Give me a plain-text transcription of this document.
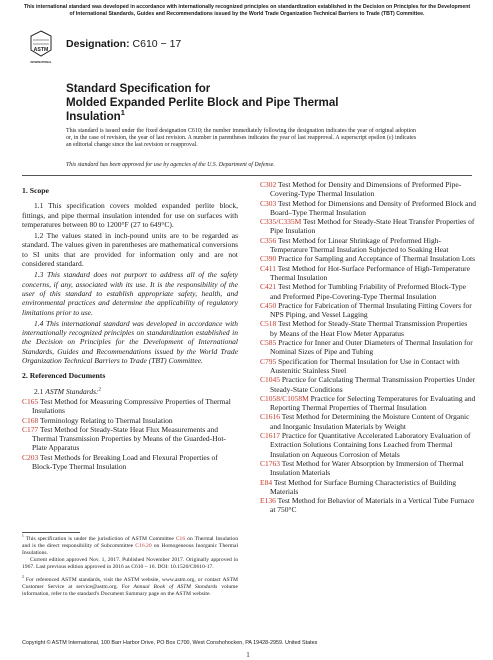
This international standard was developed in accordance with internationally recognized principles on standardization established in the Decision on Principles for the Development of International Standards, Guides and Recommendations issued by the World Trade Organization Technical Barriers to Trade (TBT) Committee.
ASTM
INTERNATIONAL
Designation: C610 − 17
Standard Specification for
Molded Expanded Perlite Block and Pipe Thermal Insulation$^1$
This standard is issued under the fixed designation C610; the number immediately following the designation indicates the year of original adoption or, in the case of revision, the year of last revision. A number in parentheses indicates the year of last reapproval. A superscript epsilon (ε) indicates an editorial change since the last revision or reapproval.
This standard has been approved for use by agencies of the U.S. Department of Defense.
1. Scope

1.1 This specification covers molded expanded perlite block, fittings, and pipe thermal insulation intended for use on surfaces with temperatures between 80 to 1200°F (27 to 649°C).

1.2 The values stated in inch-pound units are to be regarded as standard. The values given in parentheses are mathematical conversions to SI units that are provided for information only and are not considered standard.

1.3 This standard does not purport to address all of the safety concerns, if any, associated with its use. It is the responsibility of the user of this standard to establish appropriate safety, health, and environmental practices and determine the applicability of regulatory limitations prior to use.

1.4 This international standard was developed in accordance with internationally recognized principles on standardization established in the Decision on Principles for the Development of International Standards, Guides and Recommendations issued by the World Trade Organization Technical Barriers to Trade (TBT) Committee.

2. Referenced Documents
2.1 ASTM Standards:$^2$

C165 Test Method for Measuring Compressive Properties of Thermal Insulations

C168 Terminology Relating to Thermal Insulation

C177 Test Method for Steady-State Heat Flux Measurements and Thermal Transmission Properties by Means of the Guarded-Hot-Plate Apparatus

C203 Test Methods for Breaking Load and Flexural Properties of Block-Type Thermal Insulation

C302 Test Method for Density and Dimensions of Preformed Pipe-Covering-Type Thermal Insulation

C303 Test Method for Dimensions and Density of Preformed Block and Board–Type Thermal Insulation

C335/C335M Test Method for Steady-State Heat Transfer Properties of Pipe Insulation

C356 Test Method for Linear Shrinkage of Preformed High-Temperature Thermal Insulation Subjected to Soaking Heat

C390 Practice for Sampling and Acceptance of Thermal Insulation Lots

C411 Test Method for Hot-Surface Performance of High-Temperature Thermal Insulation

C421 Test Method for Tumbling Friability of Preformed Block-Type and Preformed Pipe-Covering-Type Thermal Insulation

C450 Practice for Fabrication of Thermal Insulating Fitting Covers for NPS Piping, and Vessel Lagging

C518 Test Method for Steady-State Thermal Transmission Properties by Means of the Heat Flow Meter Apparatus

C585 Practice for Inner and Outer Diameters of Thermal Insulation for Nominal Sizes of Pipe and Tubing

C795 Specification for Thermal Insulation for Use in Contact with Austenitic Stainless Steel

C1045 Practice for Calculating Thermal Transmission Properties Under Steady-State Conditions

C1058/C1058M Practice for Selecting Temperatures for Evaluating and Reporting Thermal Properties of Thermal Insulation

C1616 Test Method for Determining the Moisture Content of Organic and Inorganic Insulation Materials by Weight

C1617 Practice for Quantitative Accelerated Laboratory Evaluation of Extraction Solutions Containing Ions Leached from Thermal Insulation on Aqueous Corrosion of Metals

C1763 Test Method for Water Absorption by Immersion of Thermal Insulation Materials

E84 Test Method for Surface Burning Characteristics of Building Materials

E136 Test Method for Behavior of Materials in a Vertical Tube Furnace at 750°C

$^1$ This specification is under the jurisdiction of ASTM Committee C16 on Thermal Insulation and is the direct responsibility of Subcommittee C16.20 on Homogeneous Inorganic Thermal Insulations.
Current edition approved Nov. 1, 2017. Published November 2017. Originally approved in 1967. Last previous edition approved in 2016 as C610 – 16. DOI: 10.1520/C0610-17.
$^2$ For referenced ASTM standards, visit the ASTM website, www.astm.org, or contact ASTM Customer Service at service@astm.org. For Annual Book of ASTM Standards volume information, refer to the standard's Document Summary page on the ASTM website.
Copyright © ASTM International, 100 Barr Harbor Drive, PO Box C700, West Conshohocken, PA 19428-2959. United States
1
